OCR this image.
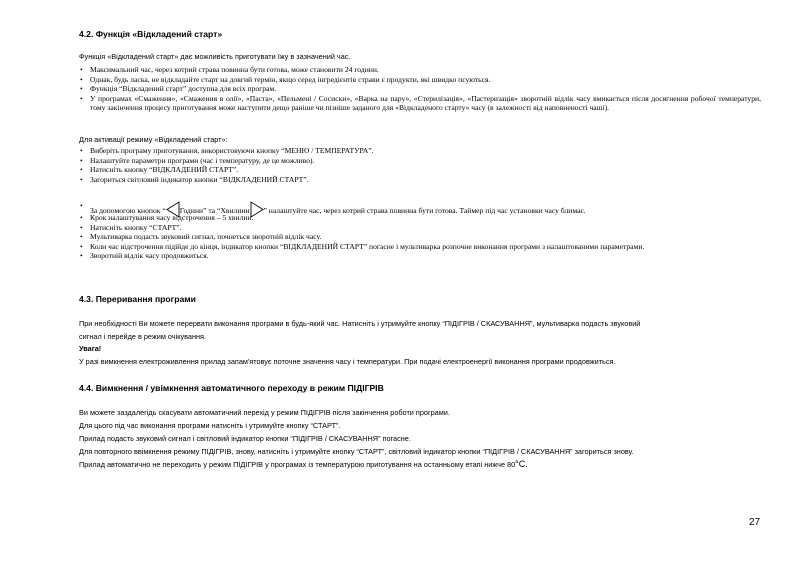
4.2. Функція «Відкладений старт»
Функція «Відкладений старт» дає можливість приготувати їжу в зазначений час.
• Максимальний час, через котрий страва повинна бути готова, може становити 24 години.
• Однак, будь ласка, не відкладайте старт на довгий термін, якщо серед інгредієнтів страви є продукти, які швидко псуються.
• Функція “Відкладений старт” доступна для всіх програм.
• У програмах «Смаження», «Смаження в олії», «Паста», «Пельмені / Сосиски», «Варка на пару», «Стерилізація», «Пастеризація» зворотній відлік часу вмикається після досягнення робочої температури, тому закінчення процесу приготування може наступити дещо раніше чи пізніше заданого для «Відкладеного старту» часу (в залежності від наповненості чаші).
Для активації режиму «Відкладений старт»:
• Виберіть програму приготування, використовуючи кнопку “МЕНЮ / ТЕМПЕРАТУРА”.
• Налаштуйте параметри програми (час і температуру, де це можливо).
• Натисніть кнопку “ВІДКЛАДЕНИЙ СТАРТ”.
• Загориться світловий індикатор кнопки “ВІДКЛАДЕНИЙ СТАРТ”.
• За допомогою кнопок “ Години” та “Хвилини ” налаштуйте час, через котрий страва повинна бути готова. Таймер під час установки часу блимає.
• Крок налаштування часу відстрочення – 5 хвилин.
• Натисніть кнопку “СТАРТ”.
• Мультиварка подасть звуковий сигнал, почнеться зворотній відлік часу.
• Коли час відстрочення підійде до кінця, індикатор кнопки “ВІДКЛАДЕНИЙ СТАРТ” погасне і мультиварка розпочне виконання програми з налаштованими параметрами.
• Зворотній відлік часу продовжиться.
4.3. Переривання програми
При необхідності Ви можете перервати виконання програми в будь-який час. Натисніть і утримуйте кнопку “ПІДІГРІВ / СКАСУВАННЯ”, мультиварка подасть звуковий
сигнал і перейде в режим очікування.
Увага!
У разі вимкнення електроживлення прилад запам'ятовує поточне значення часу і температури. При подачі електроенергії виконання програми продовжиться.
4.4. Вимкнення / увімкнення автоматичного переходу в режим ПІДІГРІВ
Ви можете заздалегідь скасувати автоматичний перехід у режим ПІДІГРІВ після закінчення роботи програми.
Для цього під час виконання програми натисніть і утримуйте кнопку “СТАРТ”.
Прилад подасть звуковий сигнал і світловий індикатор кнопки “ПІДІГРІВ / СКАСУВАННЯ” погасне.
Для повторного ввімкнення режиму ПІДІГРІВ, знову, натисніть і утримуйте кнопку “СТАРТ”, світловий індикатор кнопки “ПІДІГРІВ / СКАСУВАННЯ” загориться знову.
Прилад автоматично не переходить у режим ПІДІГРІВ у програмах із температурою приготування на останньому етапі нижче 80°С.
27
